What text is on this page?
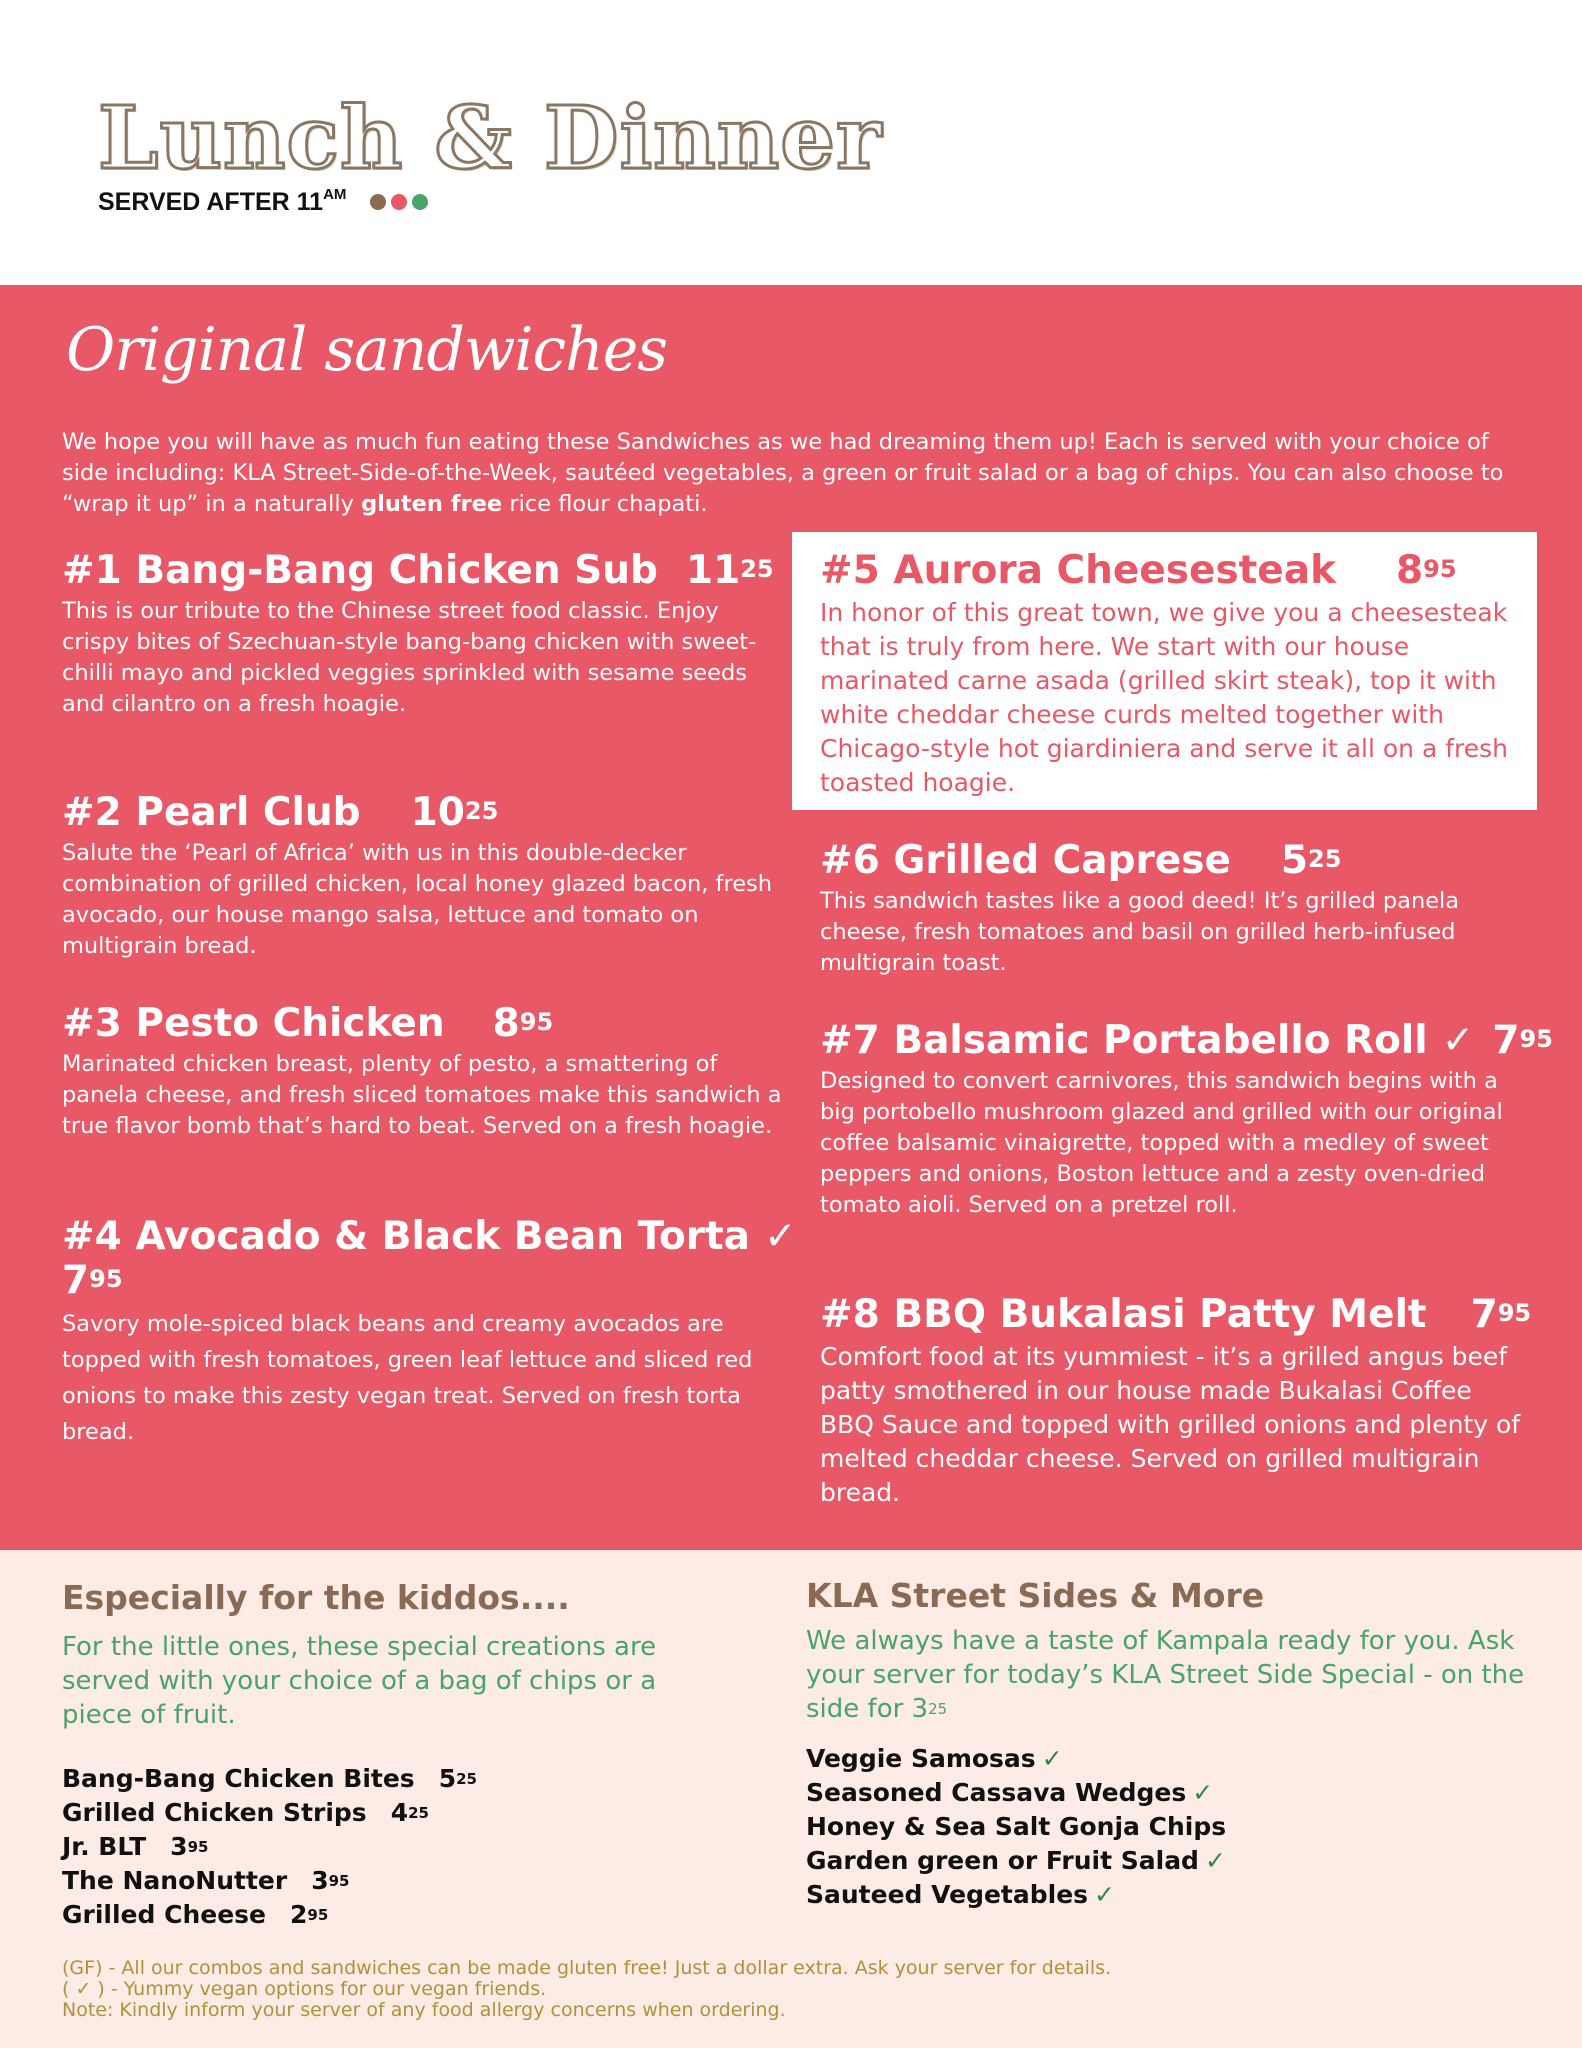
Lunch & Dinner
SERVED AFTER $11^{AM}$
Original sandwiches
We hope you will have as much fun eating these Sandwiches as we had dreaming them up! Each is served with your choice of side including: KLA Street-Side-of-the-Week, sautéed vegetables, a green or fruit salad or a bag of chips. You can also choose to “wrap it up” in a naturally gluten free rice flour chapati.
#1 Bang-Bang Chicken Sub $11^{25}$

This is our tribute to the Chinese street food classic. Enjoy crispy bites of Szechuan-style bang-bang chicken with sweet-chilli mayo and pickled veggies sprinkled with sesame seeds and cilantro on a fresh hoagie.

#2 Pearl Club $10^{25}$

Salute the ‘Pearl of Africa’ with us in this double-decker combination of grilled chicken, local honey glazed bacon, fresh avocado, our house mango salsa, lettuce and tomato on multigrain bread.

#3 Pesto Chicken $8^{95}$

Marinated chicken breast, plenty of pesto, a smattering of panela cheese, and fresh sliced tomatoes make this sandwich a true flavor bomb that’s hard to beat. Served on a fresh hoagie.

#4 Avocado & Black Bean Torta ✓
$7^{95}$

Savory mole-spiced black beans and creamy avocados are topped with fresh tomatoes, green leaf lettuce and sliced red onions to make this zesty vegan treat. Served on fresh torta bread.

#5 Aurora Cheesesteak $8^{95}$

In honor of this great town, we give you a cheesesteak that is truly from here. We start with our house marinated carne asada (grilled skirt steak), top it with white cheddar cheese curds melted together with Chicago-style hot giardiniera and serve it all on a fresh toasted hoagie.

#6 Grilled Caprese $5^{25}$

This sandwich tastes like a good deed! It’s grilled panela cheese, fresh tomatoes and basil on grilled herb-infused multigrain toast.

#7 Balsamic Portabello Roll ✓ $7^{95}$

Designed to convert carnivores, this sandwich begins with a big portobello mushroom glazed and grilled with our original coffee balsamic vinaigrette, topped with a medley of sweet peppers and onions, Boston lettuce and a zesty oven-dried tomato aioli. Served on a pretzel roll.

#8 BBQ Bukalasi Patty Melt $7^{95}$

Comfort food at its yummiest - it’s a grilled angus beef patty smothered in our house made Bukalasi Coffee BBQ Sauce and topped with grilled onions and plenty of melted cheddar cheese. Served on grilled multigrain bread.

Especially for the kiddos....
For the little ones, these special creations are served with your choice of a bag of chips or a piece of fruit.
Bang-Bang Chicken Bites $5^{25}$
Grilled Chicken Strips $4^{25}$
Jr. BLT $3^{95}$
The NanoNutter $3^{95}$
Grilled Cheese $2^{95}$
KLA Street Sides & More
We always have a taste of Kampala ready for you. Ask your server for today’s KLA Street Side Special - on the side for $3^{25}$
Veggie Samosas ✓
Seasoned Cassava Wedges ✓
Honey & Sea Salt Gonja Chips
Garden green or Fruit Salad ✓
Sauteed Vegetables ✓
(GF) - All our combos and sandwiches can be made gluten free! Just a dollar extra. Ask your server for details.
( ✓ ) - Yummy vegan options for our vegan friends.
Note: Kindly inform your server of any food allergy concerns when ordering.
